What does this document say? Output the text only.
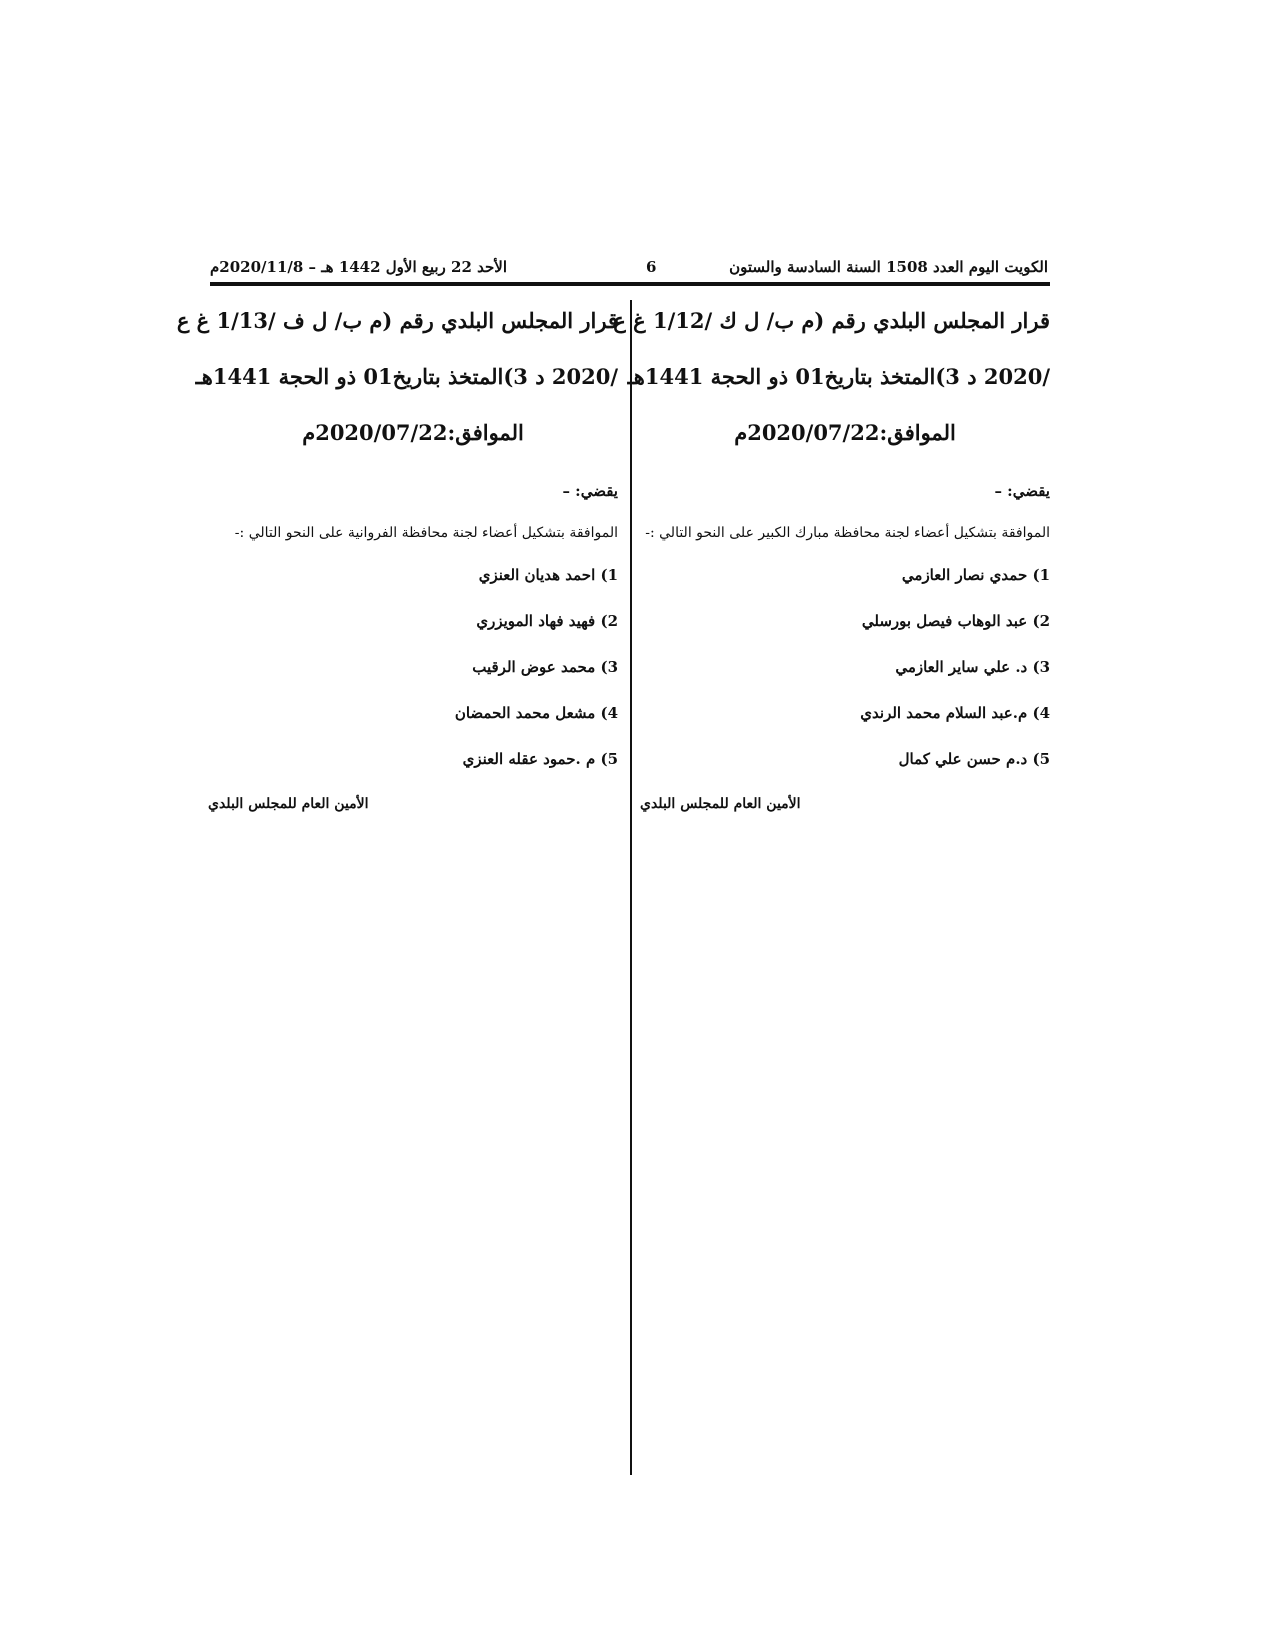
الكويت اليوم العدد 1508 السنة السادسة والستون
6
الأحد 22 ربيع الأول 1442 هـ – 2020/11/8م
قرار المجلس البلدي رقم (م ب/ ل ك /1/12 غ ع
/2020 د 3)المتخذ بتاريخ01 ذو الحجة 1441هـ
الموافق:2020/07/22م
يقضي: –
الموافقة بتشكيل أعضاء لجنة محافظة مبارك الكبير على النحو التالي :-
1) حمدي نصار العازمي
2) عبد الوهاب فيصل بورسلي
3) د. علي ساير العازمي
4) م.عبد السلام محمد الرندي
5) د.م حسن علي كمال
الأمين العام للمجلس البلدي
قرار المجلس البلدي رقم (م ب/ ل ف /1/13 غ ع
/2020 د 3)المتخذ بتاريخ01 ذو الحجة 1441هـ
الموافق:2020/07/22م
يقضي: –
الموافقة بتشكيل أعضاء لجنة محافظة الفروانية على النحو التالي :-
1) احمد هديان العنزي
2) فهيد فهاد المويزري
3) محمد عوض الرقيب
4) مشعل محمد الحمضان
5) م .حمود عقله العنزي
الأمين العام للمجلس البلدي
